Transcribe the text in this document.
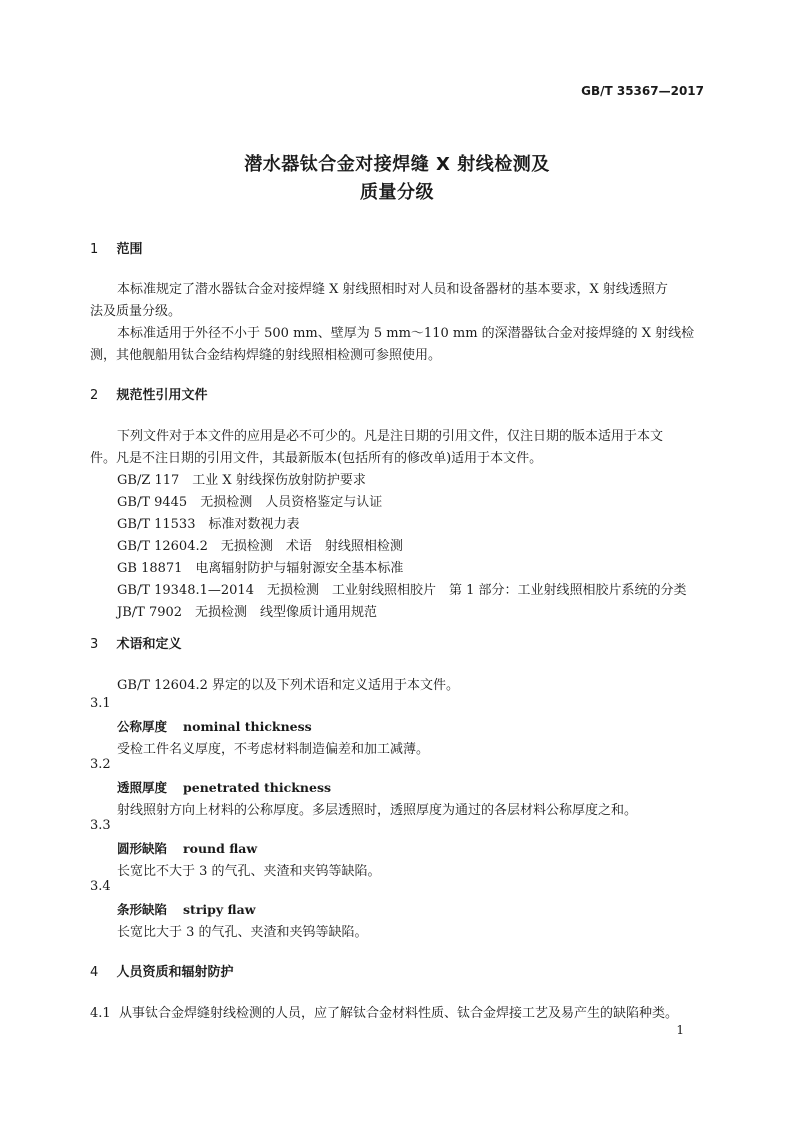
GB/T 35367—2017
潜水器钛合金对接焊缝 X 射线检测及
质量分级
1 范围
本标准规定了潜水器钛合金对接焊缝 X 射线照相时对人员和设备器材的基本要求，X 射线透照方
法及质量分级。
本标准适用于外径不小于 500 mm、壁厚为 5 mm～110 mm 的深潜器钛合金对接焊缝的 X 射线检
测，其他舰船用钛合金结构焊缝的射线照相检测可参照使用。
2 规范性引用文件
下列文件对于本文件的应用是必不可少的。凡是注日期的引用文件，仅注日期的版本适用于本文
件。凡是不注日期的引用文件，其最新版本(包括所有的修改单)适用于本文件。
GB/Z 117　工业 X 射线探伤放射防护要求
GB/T 9445　无损检测　人员资格鉴定与认证
GB/T 11533　标准对数视力表
GB/T 12604.2　无损检测　术语　射线照相检测
GB 18871　电离辐射防护与辐射源安全基本标准
GB/T 19348.1—2014　无损检测　工业射线照相胶片　第 1 部分：工业射线照相胶片系统的分类
JB/T 7902　无损检测　线型像质计通用规范
3 术语和定义
GB/T 12604.2 界定的以及下列术语和定义适用于本文件。
3.1
公称厚度 nominal thickness
受检工件名义厚度，不考虑材料制造偏差和加工减薄。
3.2
透照厚度 penetrated thickness
射线照射方向上材料的公称厚度。多层透照时，透照厚度为通过的各层材料公称厚度之和。
3.3
圆形缺陷 round flaw
长宽比不大于 3 的气孔、夹渣和夹钨等缺陷。
3.4
条形缺陷 stripy flaw
长宽比大于 3 的气孔、夹渣和夹钨等缺陷。
4 人员资质和辐射防护
4.1 从事钛合金焊缝射线检测的人员，应了解钛合金材料性质、钛合金焊接工艺及易产生的缺陷种类。
1
